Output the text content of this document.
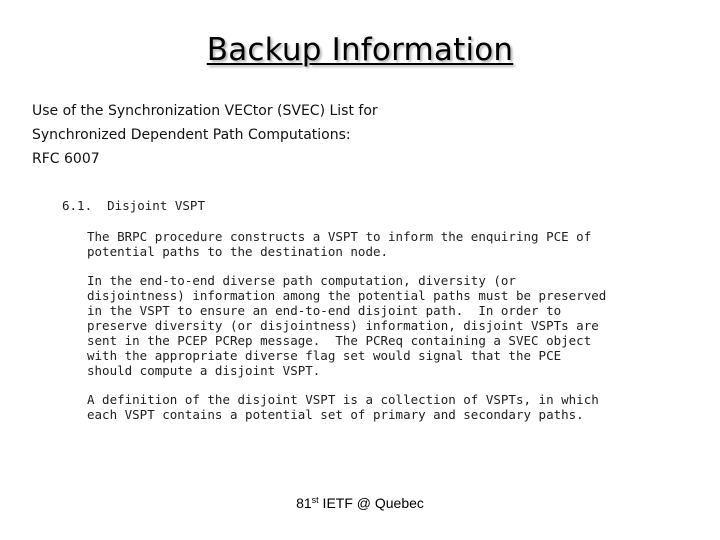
Backup Information
Use of the Synchronization VECtor (SVEC) List for
Synchronized Dependent Path Computations:
RFC 6007
6.1.  Disjoint VSPT
The BRPC procedure constructs a VSPT to inform the enquiring PCE of
potential paths to the destination node.
In the end-to-end diverse path computation, diversity (or
disjointness) information among the potential paths must be preserved
in the VSPT to ensure an end-to-end disjoint path.  In order to
preserve diversity (or disjointness) information, disjoint VSPTs are
sent in the PCEP PCRep message.  The PCReq containing a SVEC object
with the appropriate diverse flag set would signal that the PCE
should compute a disjoint VSPT.
A definition of the disjoint VSPT is a collection of VSPTs, in which
each VSPT contains a potential set of primary and secondary paths.
81st IETF @ Quebec
